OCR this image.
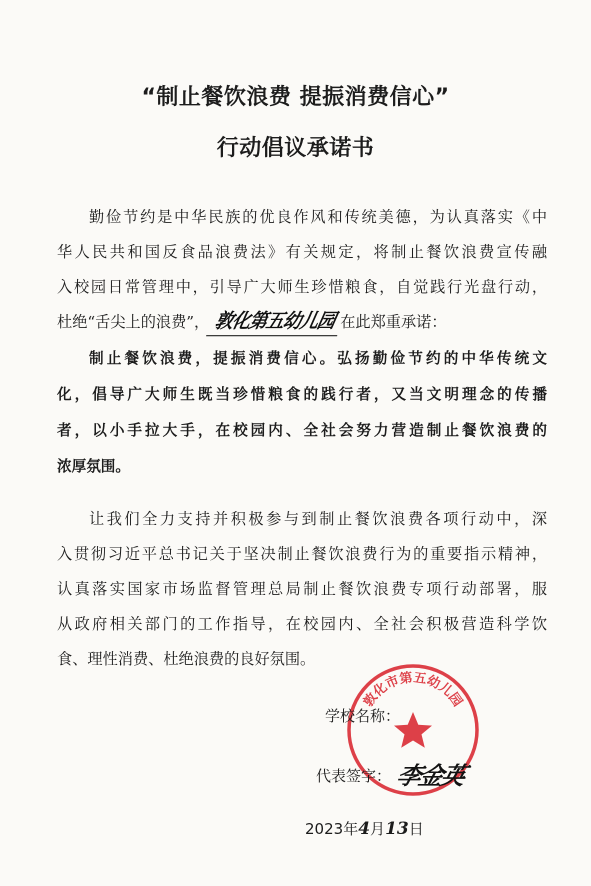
“制止餐饮浪费 提振消费信心”
行动倡议承诺书
勤俭节约是中华民族的优良作风和传统美德，为认真落实《中
华人民共和国反食品浪费法》有关规定，将制止餐饮浪费宣传融
入校园日常管理中，引导广大师生珍惜粮食，自觉践行光盘行动，
杜绝“舌尖上的浪费”， 敦化第五幼儿园 在此郑重承诺：
制止餐饮浪费，提振消费信心。弘扬勤俭节约的中华传统文
化，倡导广大师生既当珍惜粮食的践行者，又当文明理念的传播
者，以小手拉大手，在校园内、全社会努力营造制止餐饮浪费的
浓厚氛围。
让我们全力支持并积极参与到制止餐饮浪费各项行动中，深
入贯彻习近平总书记关于坚决制止餐饮浪费行为的重要指示精神，
认真落实国家市场监督管理总局制止餐饮浪费专项行动部署，服
从政府相关部门的工作指导，在校园内、全社会积极营造科学饮
食、理性消费、杜绝浪费的良好氛围。
敦化市第五幼儿园
学校名称：
代表签字： 李金英
2023年4月13日
